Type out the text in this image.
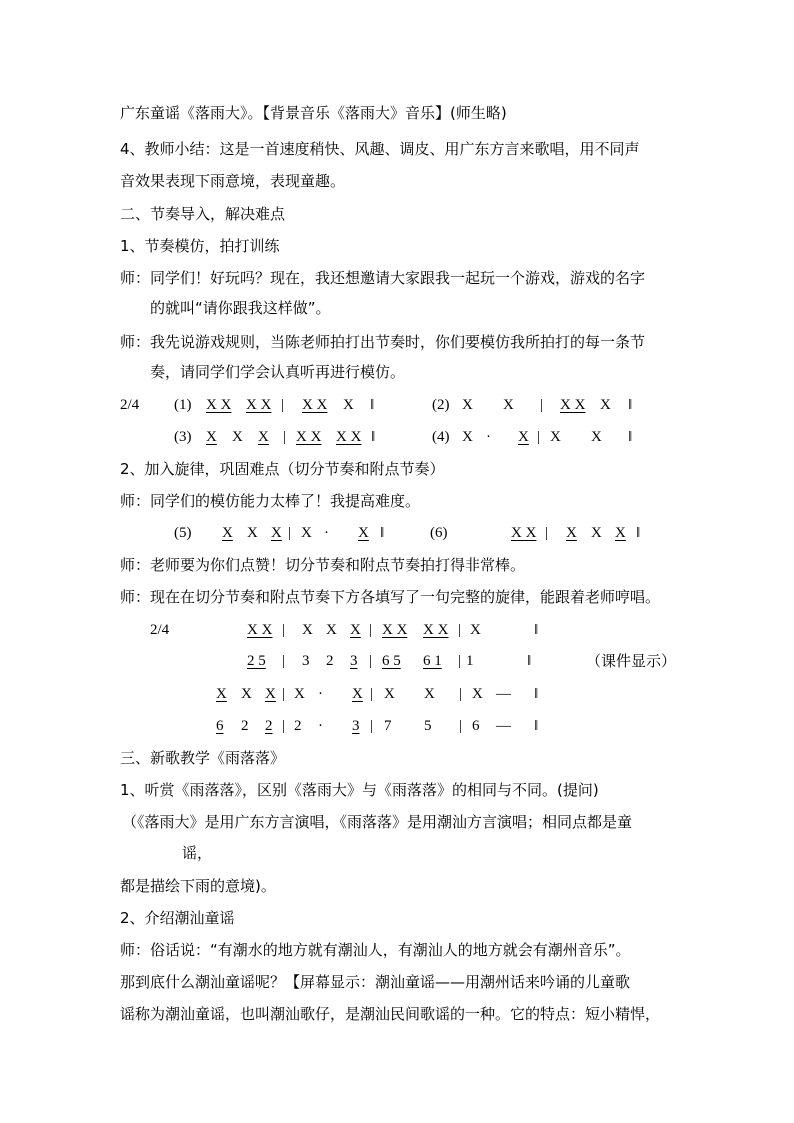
广东童谣《落雨大》。【背景音乐《落雨大》音乐】(师生略)
4、教师小结：这是一首速度稍快、风趣、调皮、用广东方言来歌唱，用不同声
音效果表现下雨意境，表现童趣。
二、节奏导入，解决难点
1、节奏模仿，拍打训练
师：同学们！好玩吗？现在，我还想邀请大家跟我一起玩一个游戏，游戏的名字
的就叫“请你跟我这样做”。
师：我先说游戏规则，当陈老师拍打出节奏时，你们要模仿我所拍打的每一条节
奏，请同学们学会认真听再进行模仿。
2/4 (1) X X X X | X X X ‖	(2) X X | X X X ‖
(3) X X X | X X X X ‖	(4) X · X | X X ‖
2、加入旋律，巩固难点（切分节奏和附点节奏）
师：同学们的模仿能力太棒了！我提高难度。
(5) X X X | X · X ‖	(6)	X X | X X X ‖
师：老师要为你们点赞！切分节奏和附点节奏拍打得非常棒。
师：现在在切分节奏和附点节奏下方各填写了一句完整的旋律，能跟着老师哼唱。
2/4	X X | X X X | X X X X | X	‖
2 5 | 3 2 3 | 6 5 6 1 | 1	‖	（课件显示）
X X X | X · X | X X | X — ‖
6 2 2 | 2 · 3 | 7 5 | 6 — ‖
三、新歌教学《雨落落》
1、听赏《雨落落》，区别《落雨大》与《雨落落》的相同与不同。(提问)
（《落雨大》是用广东方言演唱，《雨落落》是用潮汕方言演唱；相同点都是童
谣，
都是描绘下雨的意境)。
2、介绍潮汕童谣
师：俗话说：“有潮水的地方就有潮汕人，有潮汕人的地方就会有潮州音乐”。
那到底什么潮汕童谣呢？【屏幕显示：潮汕童谣——用潮州话来吟诵的儿童歌
谣称为潮汕童谣，也叫潮汕歌仔，是潮汕民间歌谣的一种。它的特点：短小精悍，
